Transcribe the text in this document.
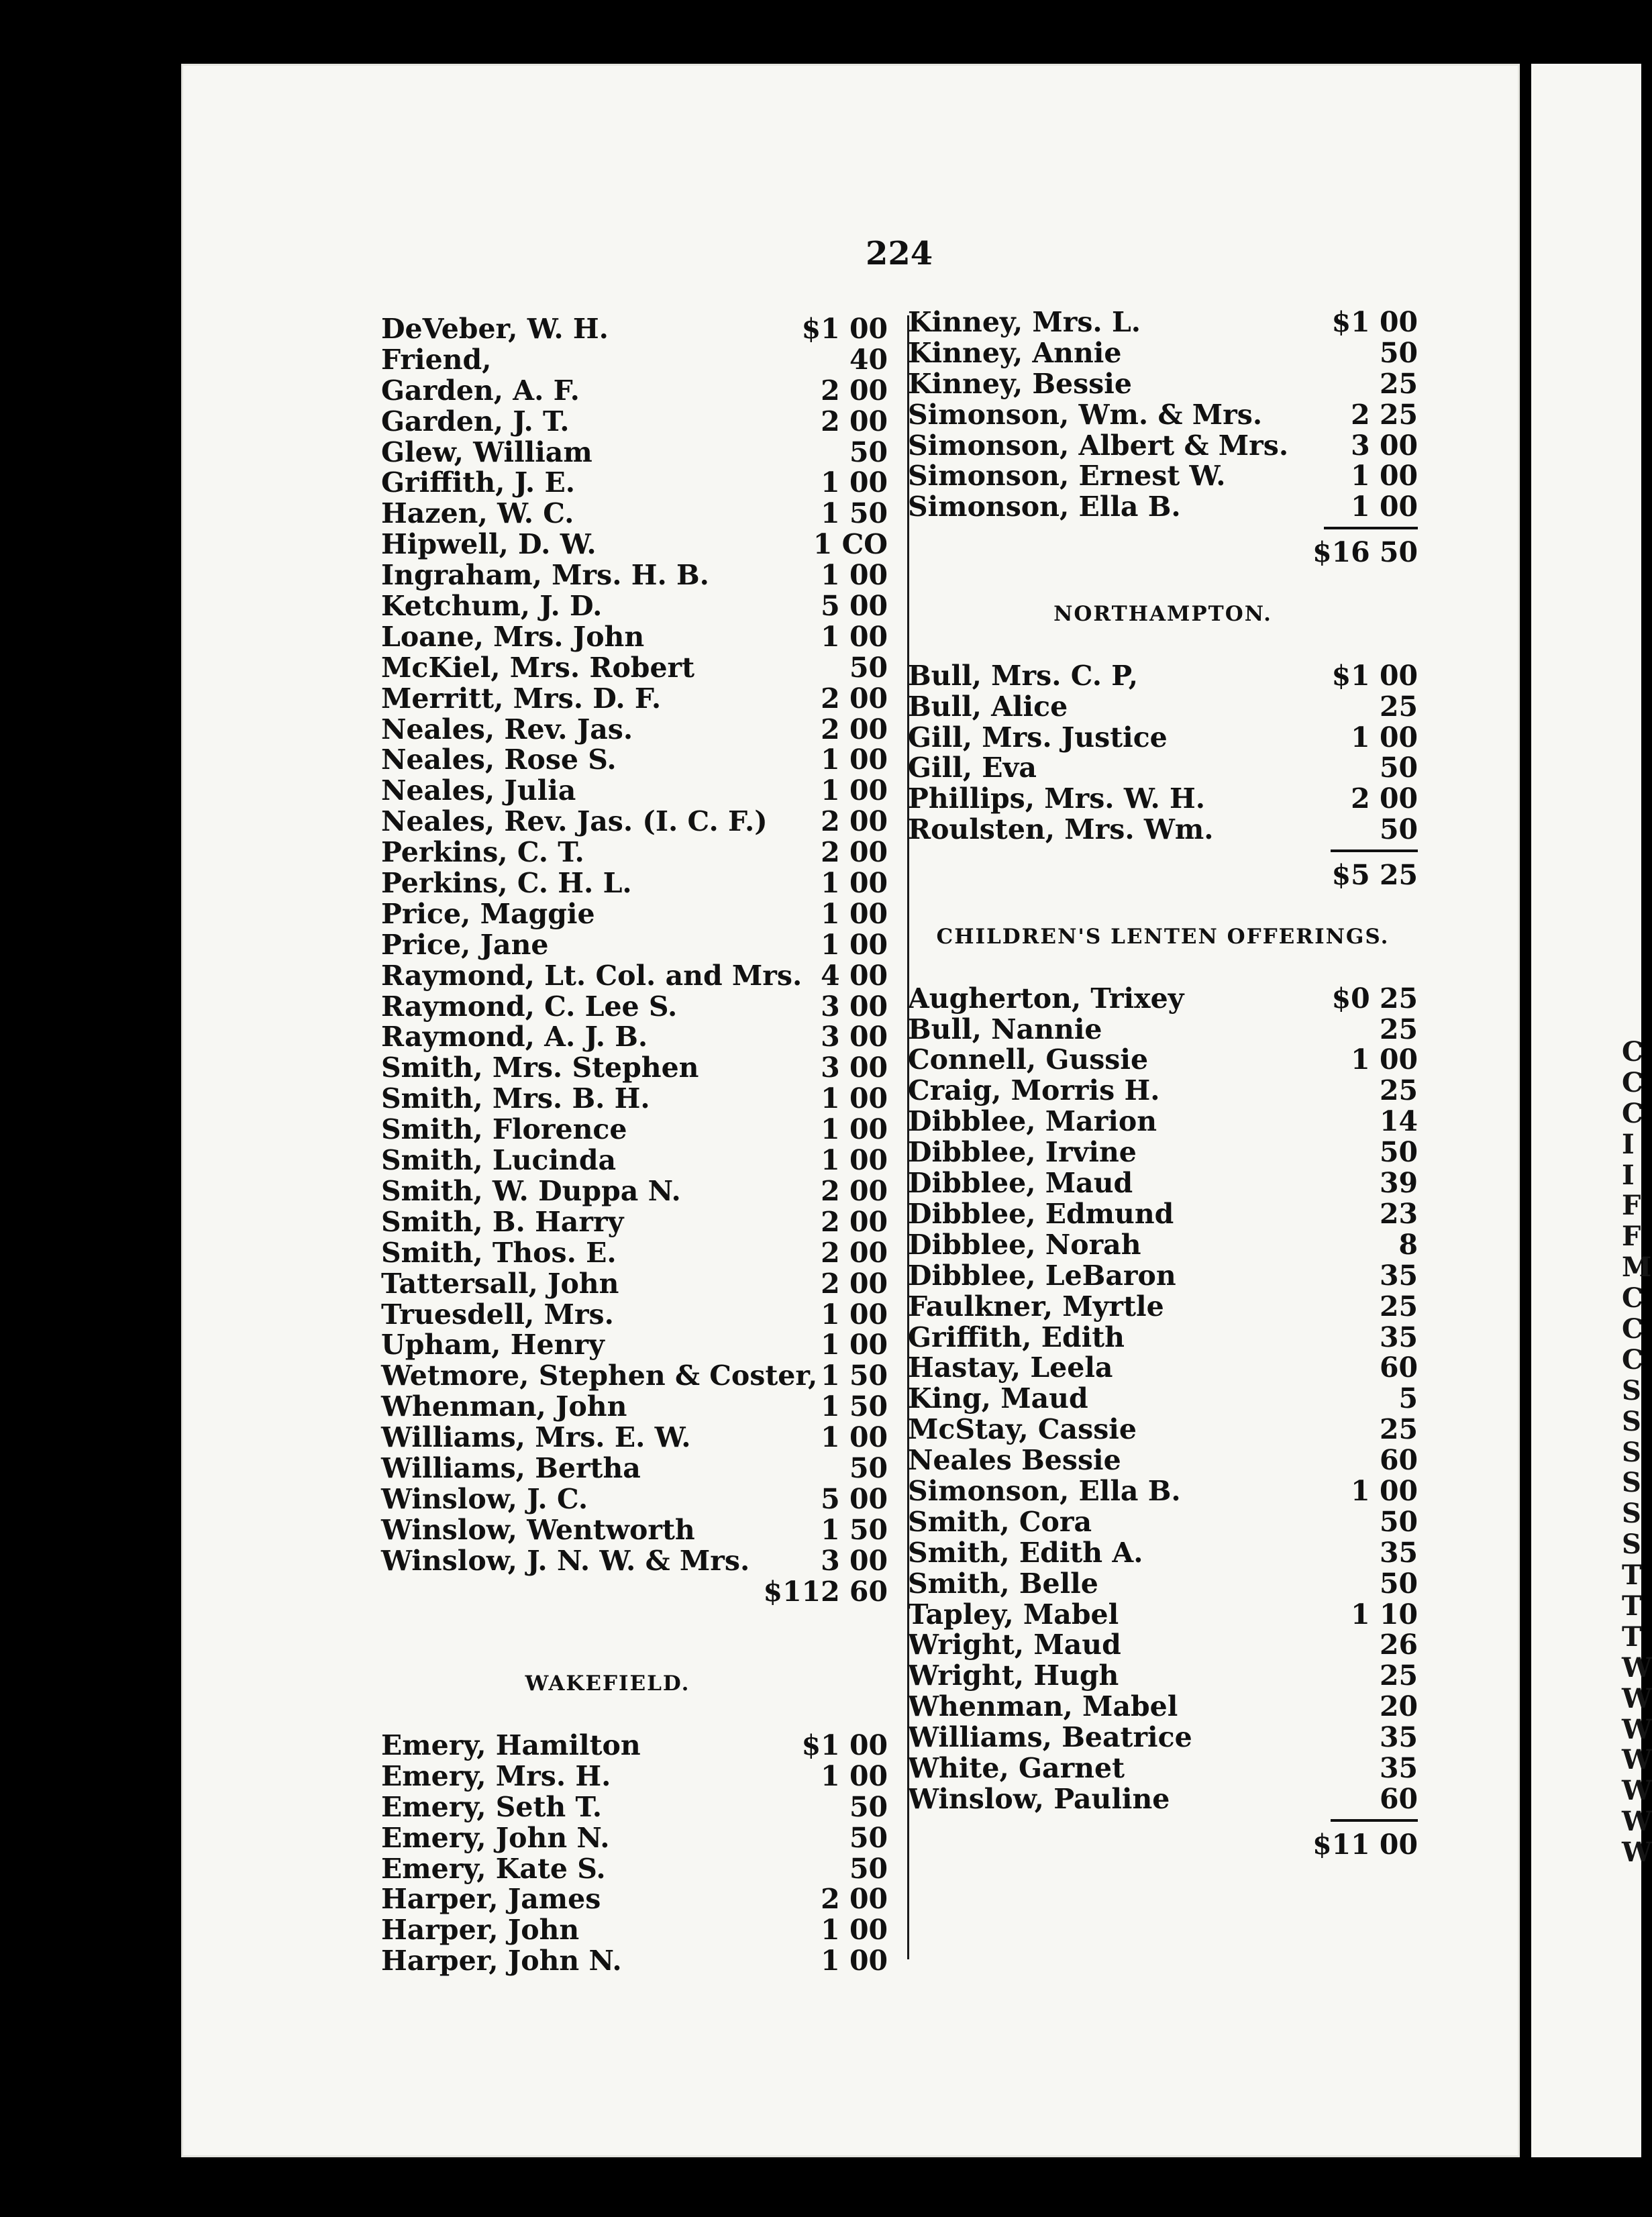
C
C
C
I
I
F
F
M
C
C
C
S
S
S
S
S
S
T
T
T
W
W
W
W
W
W
W
224
DeVeber, W. H.	$1 00
Friend,	40
Garden, A. F.	2 00
Garden, J. T.	2 00
Glew, William	50
Griffith, J. E.	1 00
Hazen, W. C.	1 50
Hipwell, D. W.	1 CO
Ingraham, Mrs. H. B.	1 00
Ketchum, J. D.	5 00
Loane, Mrs. John	1 00
McKiel, Mrs. Robert	50
Merritt, Mrs. D. F.	2 00
Neales, Rev. Jas.	2 00
Neales, Rose S.	1 00
Neales, Julia	1 00
Neales, Rev. Jas. (I. C. F.) 2 00
Perkins, C. T.	2 00
Perkins, C. H. L.	1 00
Price, Maggie	1 00
Price, Jane	1 00
Raymond, Lt. Col. and Mrs. 4 00
Raymond, C. Lee S.	3 00
Raymond, A. J. B.	3 00
Smith, Mrs. Stephen	3 00
Smith, Mrs. B. H.	1 00
Smith, Florence	1 00
Smith, Lucinda	1 00
Smith, W. Duppa N.	2 00
Smith, B. Harry	2 00
Smith, Thos. E.	2 00
Tattersall, John	2 00
Truesdell, Mrs.	1 00
Upham, Henry	1 00
Wetmore, Stephen & Coster, 1 50
Whenman, John	1 50
Williams, Mrs. E. W.	1 00
Williams, Bertha	50
Winslow, J. C.	5 00
Winslow, Wentworth	1 50
Winslow, J. N. W. & Mrs.	3 00
$112 60
WAKEFIELD.
Emery, Hamilton	$1 00
Emery, Mrs. H.	1 00
Emery, Seth T.	50
Emery, John N.	50
Emery, Kate S.	50
Harper, James	2 00
Harper, John	1 00
Harper, John N.	1 00
Kinney, Mrs. L.	$1 00
Kinney, Annie	50
Kinney, Bessie	25
Simonson, Wm. & Mrs.	2 25
Simonson, Albert & Mrs. 3 00
Simonson, Ernest W.	1 00
Simonson, Ella B.	1 00
$16 50
NORTHAMPTON.
Bull, Mrs. C. P,	$1 00
Bull, Alice	25
Gill, Mrs. Justice	1 00
Gill, Eva	50
Phillips, Mrs. W. H.	2 00
Roulsten, Mrs. Wm.	50
$5 25
CHILDREN'S LENTEN OFFERINGS.
Augherton, Trixey	$0 25
Bull, Nannie	25
Connell, Gussie	1 00
Craig, Morris H.	25
Dibblee, Marion	14
Dibblee, Irvine	50
Dibblee, Maud	39
Dibblee, Edmund	23
Dibblee, Norah	8
Dibblee, LeBaron	35
Faulkner, Myrtle	25
Griffith, Edith	35
Hastay, Leela	60
King, Maud	5
McStay, Cassie	25
Neales Bessie	60
Simonson, Ella B.	1 00
Smith, Cora	50
Smith, Edith A.	35
Smith, Belle	50
Tapley, Mabel	1 10
Wright, Maud	26
Wright, Hugh	25
Whenman, Mabel	20
Williams, Beatrice	35
White, Garnet	35
Winslow, Pauline	60
$11 00
